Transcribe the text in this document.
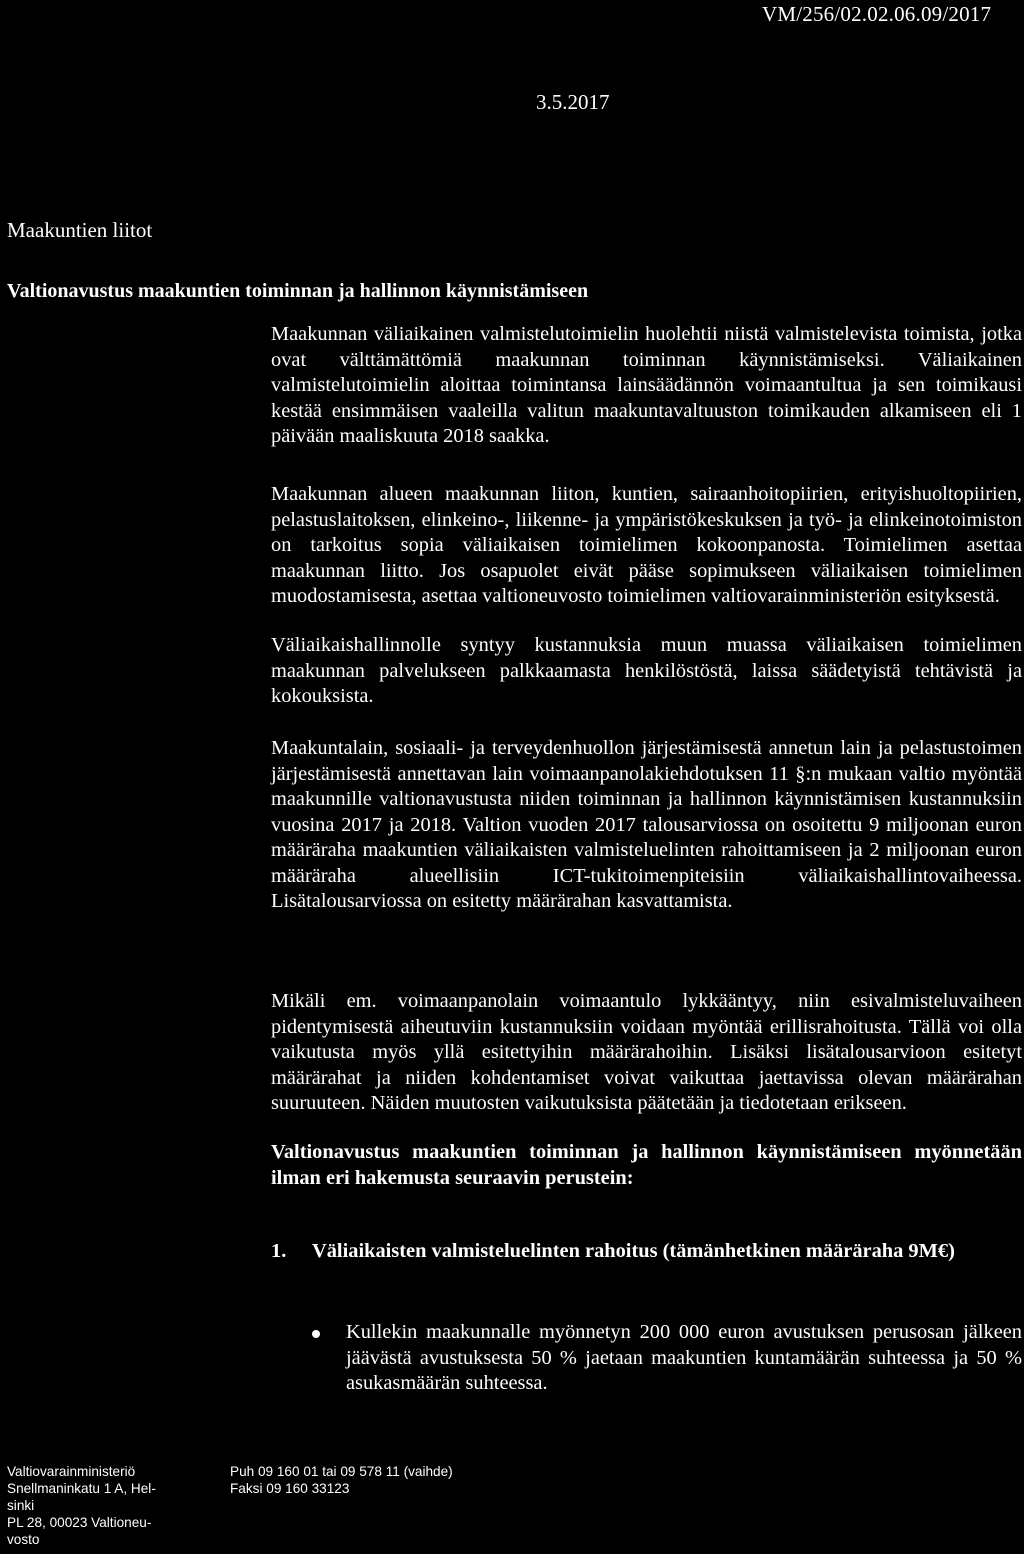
VM/256/02.02.06.09/2017
3.5.2017
Maakuntien liitot
Valtionavustus maakuntien toiminnan ja hallinnon käynnistämiseen

Maakunnan väliaikainen valmistelutoimielin huolehtii niistä valmistelevista toimista, jotka ovat välttämättömiä maakunnan toiminnan käynnistämiseksi. Väliaikainen valmistelutoimielin aloittaa toimintansa lainsäädännön voimaantultua ja sen toimikausi kestää ensimmäisen vaaleilla valitun maakuntavaltuuston toimikauden alkamiseen eli 1 päivään maaliskuuta 2018 saakka.

Maakunnan alueen maakunnan liiton, kuntien, sairaanhoitopiirien, erityishuoltopiirien, pelastuslaitoksen, elinkeino-, liikenne- ja ympäristökeskuksen ja työ- ja elinkeinotoimiston on tarkoitus sopia väliaikaisen toimielimen kokoonpanosta. Toimielimen asettaa maakunnan liitto. Jos osapuolet eivät pääse sopimukseen väliaikaisen toimielimen muodostamisesta, asettaa valtioneuvosto toimielimen valtiovarainministeriön esityksestä.

Väliaikaishallinnolle syntyy kustannuksia muun muassa väliaikaisen toimielimen maakunnan palvelukseen palkkaamasta henkilöstöstä, laissa säädetyistä tehtävistä ja kokouksista.

Maakuntalain, sosiaali- ja terveydenhuollon järjestämisestä annetun lain ja pelastustoimen järjestämisestä annettavan lain voimaanpanolakiehdotuksen 11 §:n mukaan valtio myöntää maakunnille valtionavustusta niiden toiminnan ja hallinnon käynnistämisen kustannuksiin vuosina 2017 ja 2018. Valtion vuoden 2017 talousarviossa on osoitettu 9 miljoonan euron määräraha maakuntien väliaikaisten valmisteluelinten rahoittamiseen ja 2 miljoonan euron määräraha alueellisiin ICT-tukitoimenpiteisiin väliaikaishallintovaiheessa. Lisätalousarviossa on esitetty määrärahan kasvattamista.

Mikäli em. voimaanpanolain voimaantulo lykkääntyy, niin esivalmisteluvaiheen pidentymisestä aiheutuviin kustannuksiin voidaan myöntää erillisrahoitusta. Tällä voi olla vaikutusta myös yllä esitettyihin määrärahoihin. Lisäksi lisätalousarvioon esitetyt määrärahat ja niiden kohdentamiset voivat vaikuttaa jaettavissa olevan määrärahan suuruuteen. Näiden muutosten vaikutuksista päätetään ja tiedotetaan erikseen.

Valtionavustus maakuntien toiminnan ja hallinnon käynnistämiseen myönnetään ilman eri hakemusta seuraavin perustein:

1. Väliaikaisten valmisteluelinten rahoitus (tämänhetkinen määräraha 9M€)
Kullekin maakunnalle myönnetyn 200 000 euron avustuksen perusosan jälkeen jäävästä avustuksesta 50 % jaetaan maakuntien kuntamäärän suhteessa ja 50 % asukasmäärän suhteessa.
Valtiovarainministeriö
Snellmaninkatu 1 A, Hel-
sinki
PL 28, 00023 Valtioneu-
vosto
Puh 09 160 01 tai 09 578 11 (vaihde)
Faksi 09 160 33123
